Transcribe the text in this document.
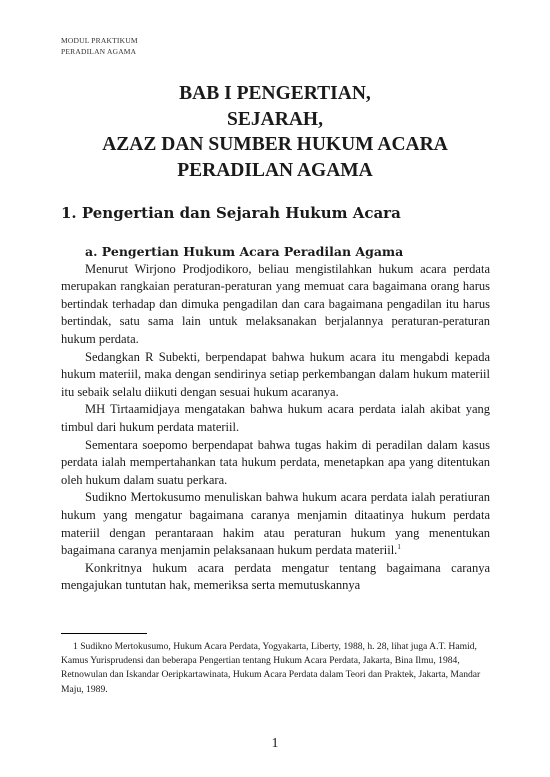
MODUL PRAKTIKUM
PERADILAN AGAMA
BAB I PENGERTIAN,
SEJARAH,
AZAZ DAN SUMBER HUKUM ACARA
PERADILAN AGAMA
1. Pengertian dan Sejarah Hukum Acara
a. Pengertian Hukum Acara Peradilan Agama

Menurut Wirjono Prodjodikoro, beliau mengistilahkan hukum acara perdata merupakan rangkaian peraturan-peraturan yang memuat cara bagaimana orang harus bertindak terhadap dan dimuka pengadilan dan cara bagaimana pengadilan itu harus bertindak, satu sama lain untuk melaksanakan berjalannya peraturan-peraturan hukum perdata.

Sedangkan R Subekti, berpendapat bahwa hukum acara itu mengabdi kepada hukum materiil, maka dengan sendirinya setiap perkembangan dalam hukum materiil itu sebaik selalu diikuti dengan sesuai hukum acaranya.

MH Tirtaamidjaya mengatakan bahwa hukum acara perdata ialah akibat yang timbul dari hukum perdata materiil.

Sementara soepomo berpendapat bahwa tugas hakim di peradilan dalam kasus perdata ialah mempertahankan tata hukum perdata, menetapkan apa yang ditentukan oleh hukum dalam suatu perkara.

Sudikno Mertokusumo menuliskan bahwa hukum acara perdata ialah peratiuran hukum yang mengatur bagaimana caranya menjamin ditaatinya hukum perdata materiil dengan perantaraan hakim atau peraturan hukum yang menentukan bagaimana caranya menjamin pelaksanaan hukum perdata materiil.$^1$

Konkritnya hukum acara perdata mengatur tentang bagaimana caranya mengajukan tuntutan hak, memeriksa serta memutuskannya

1 Sudikno Mertokusumo, Hukum Acara Perdata, Yogyakarta, Liberty, 1988, h. 28, lihat juga A.T. Hamid, Kamus Yurisprudensi dan beberapa Pengertian tentang Hukum Acara Perdata, Jakarta, Bina Ilmu, 1984, Retnowulan dan Iskandar Oeripkartawinata, Hukum Acara Perdata dalam Teori dan Praktek, Jakarta, Mandar Maju, 1989.

1
